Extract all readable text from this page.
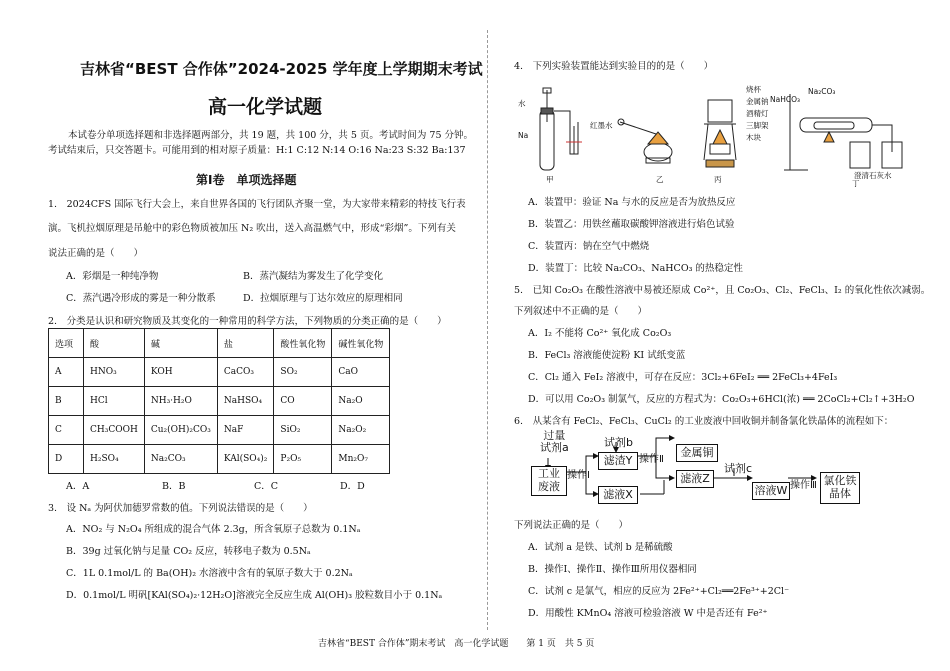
吉林省“BEST 合作体”2024-2025 学年度上学期期末考试
高一化学试题
本试卷分单项选择题和非选择题两部分，共 19 题，共 100 分，共 5 页。考试时间为 75 分钟。
考试结束后，只交答题卡。可能用到的相对原子质量：H:1 C:12 N:14 O:16 Na:23 S:32 Ba:137
第Ⅰ卷　单项选择题
1.　2024CFS 国际飞行大会上，来自世界各国的飞行团队齐聚一堂，为大家带来精彩的特技飞行表
演。飞机拉烟原理是吊舱中的彩色物质被加压 N₂ 吹出，送入高温燃气中，形成“彩烟”。下列有关
说法正确的是（　　）
A．彩烟是一种纯净物	B．蒸汽凝结为雾发生了化学变化
C．蒸汽遇冷形成的雾是一种分散系	D．拉烟原理与丁达尔效应的原理相同
2.　分类是认识和研究物质及其变化的一种常用的科学方法，下列物质的分类正确的是（　　）
选项	酸	碱	盐	酸性氧化物	碱性氧化物
A	HNO₃	KOH	CaCO₃	SO₂	CaO
B	HCl	NH₃·H₂O	NaHSO₄	CO	Na₂O
C	CH₃COOH	Cu₂(OH)₂CO₃	NaF	SiO₂	Na₂O₂
D	H₂SO₄	Na₂CO₃	KAl(SO₄)₂	P₂O₅	Mn₂O₇
A．A	B．B	C．C	D．D
3.　设 Nₐ 为阿伏加德罗常数的值。下列说法错误的是（　　）
A．NO₂ 与 N₂O₄ 所组成的混合气体 2.3g，所含氧原子总数为 0.1Nₐ
B．39g 过氧化钠与足量 CO₂ 反应，转移电子数为 0.5Nₐ
C．1L 0.1mol/L 的 Ba(OH)₂ 水溶液中含有的氧原子数大于 0.2Nₐ
D．0.1mol/L 明矾[KAl(SO₄)₂·12H₂O]溶液完全反应生成 Al(OH)₃ 胶粒数目小于 0.1Nₐ
4.　下列实验装置能达到实验目的的是（　　）
水
Na
红墨水
甲	乙
烧杯
金属钠
酒精灯
三脚架
木块
丙
NaHCO₃
Na₂CO₃
澄清石灰水
丁
A．装置甲：验证 Na 与水的反应是否为放热反应
B．装置乙：用铁丝蘸取碳酸钾溶液进行焰色试验
C．装置丙：钠在空气中燃烧
D．装置丁：比较 Na₂CO₃、NaHCO₃ 的热稳定性
5.　已知 Co₂O₃ 在酸性溶液中易被还原成 Co²⁺，且 Co₂O₃、Cl₂、FeCl₃、I₂ 的氧化性依次减弱。
下列叙述中不正确的是（　　）
A．I₂ 不能将 Co²⁺ 氧化成 Co₂O₃
B．FeCl₃ 溶液能使淀粉 KI 试纸变蓝
C．Cl₂ 通入 FeI₂ 溶液中，可存在反应：3Cl₂+6FeI₂ ══ 2FeCl₃+4FeI₃
D．可以用 Co₂O₃ 制氯气，反应的方程式为：Co₂O₃+6HCl(浓) ══ 2CoCl₂+Cl₂↑+3H₂O
6.　从某含有 FeCl₂、FeCl₃、CuCl₂ 的工业废液中回收铜并制备氯化铁晶体的流程如下：
过量
试剂a
工业
废液
操作Ⅰ
试剂b
滤渣Y 操作Ⅱ
金属铜
滤液X
滤液Z
试剂c
溶液W 操作Ⅲ 氯化铁
晶体
下列说法正确的是（　　）
A．试剂 a 是铁、试剂 b 是稀硫酸
B．操作Ⅰ、操作Ⅱ、操作Ⅲ所用仪器相同
C．试剂 c 是氯气，相应的反应为 2Fe²⁺+Cl₂══2Fe³⁺+2Cl⁻
D．用酸性 KMnO₄ 溶液可检验溶液 W 中是否还有 Fe²⁺
吉林省“BEST 合作体”期末考试　高一化学试题　　第 1 页　共 5 页
